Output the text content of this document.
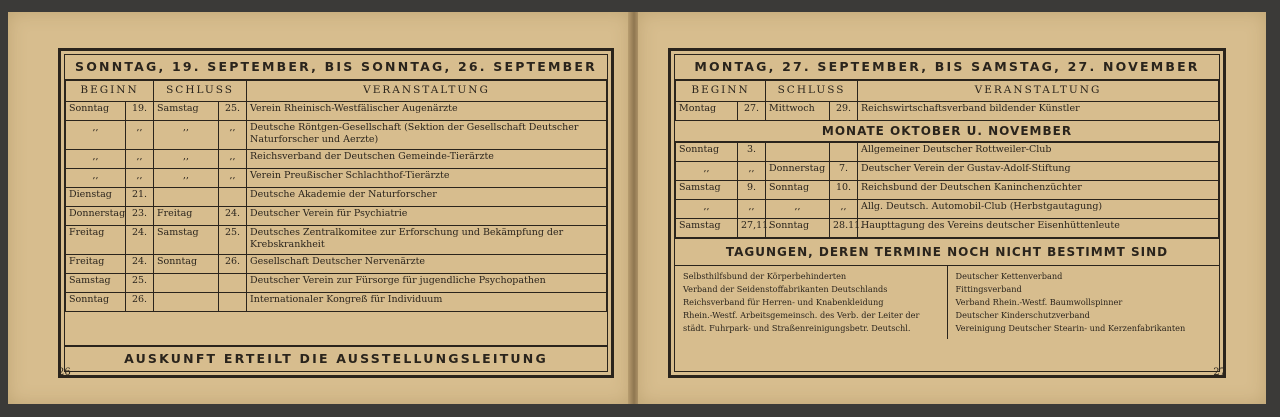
SONNTAG, 19. SEPTEMBER, BIS SONNTAG, 26. SEPTEMBER
BEGINN		SCHLUSS		VERANSTALTUNG
Sonntag	19.	Samstag	25.	Verein Rheinisch-Westfälischer Augenärzte
,,	,,	,,	,,	Deutsche Röntgen-Gesellschaft (Sektion der Gesellschaft Deutscher Naturforscher und Aerzte)
,,	,,	,,	,,	Reichsverband der Deutschen Gemeinde-Tierärzte
,,	,,	,,	,,	Verein Preußischer Schlachthof-Tierärzte
Dienstag	21.			Deutsche Akademie der Naturforscher
Donnerstag	23.	Freitag	24.	Deutscher Verein für Psychiatrie
Freitag	24.	Samstag	25.	Deutsches Zentralkomitee zur Erforschung und Bekämpfung der Krebskrankheit
Freitag	24.	Sonntag	26.	Gesellschaft Deutscher Nervenärzte
Samstag	25.			Deutscher Verein zur Fürsorge für jugendliche Psychopathen
Sonntag	26.			Internationaler Kongreß für Individuum
AUSKUNFT ERTEILT DIE AUSSTELLUNGSLEITUNG
26
MONTAG, 27. SEPTEMBER, BIS SAMSTAG, 27. NOVEMBER
BEGINN		SCHLUSS		VERANSTALTUNG
Montag	27.	Mittwoch	29.	Reichswirtschaftsverband bildender Künstler
MONATE OKTOBER U. NOVEMBER
Sonntag	3.			Allgemeiner Deutscher Rottweiler-Club
,,	,,	Donnerstag	7.	Deutscher Verein der Gustav-Adolf-Stiftung
Samstag	9.	Sonntag	10.	Reichsbund der Deutschen Kaninchenzüchter
,,	,,	,,	,,	Allg. Deutsch. Automobil-Club (Herbstgautagung)
Samstag	27,11.	Sonntag	28.11.	Haupttagung des Vereins deutscher Eisenhüttenleute
TAGUNGEN, DEREN TERMINE NOCH NICHT BESTIMMT SIND
Selbsthilfsbund der Körperbehinderten
Verband der Seidenstoffabrikanten Deutschlands
Reichsverband für Herren- und Knabenkleidung
Rhein.-Westf. Arbeitsgemeinsch. des Verb. der Leiter der
städt. Fuhrpark- und Straßenreinigungsbetr. Deutschl.
Deutscher Kettenverband
Fittingsverband
Verband Rhein.-Westf. Baumwollspinner
Deutscher Kinderschutzverband
Vereinigung Deutscher Stearin- und Kerzenfabrikanten
27
